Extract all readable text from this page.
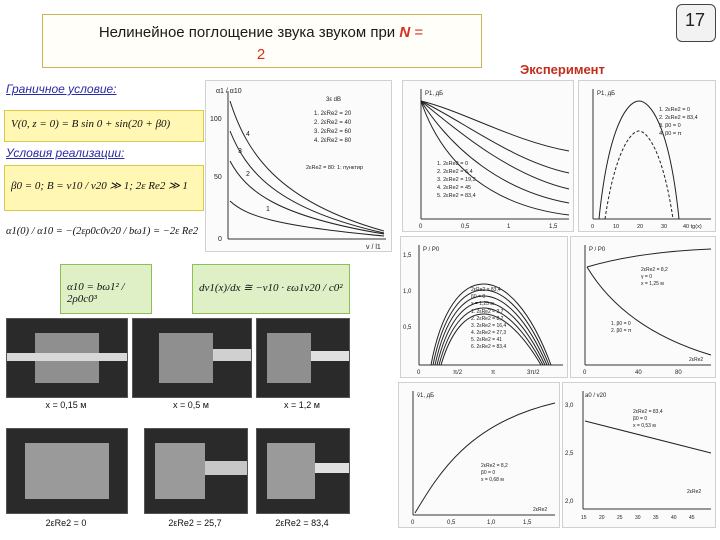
Нелинейное поглощение звука звуком при N =
2
17
Эксперимент
Граничное условие:
V(0, z = 0) = B sin 0 + sin(20 + β0)
Условия реализации:
β0 = 0; B = v10 / v20 ≫ 1; 2ε Re2 ≫ 1
α1(0) / α10 = −(2ερ0c0v20 / bω1) = −2ε Re2
α10 = bω1² / 2ρ0c0³
dv1(x)/dx ≅ −v10 · εω1v20 / c0²
α1 / α10
v / l1
100
50
0
4
3
2
1
3ε dB
1. 2εRe2 = 20
2. 2εRe2 = 40
3. 2εRe2 = 60
4. 2εRe2 = 80
2εRe2 = 80: 1: пунктир
x = 0,15 м	x = 0,5 м	x = 1,2 м
2εRe2 = 0	2εRe2 = 25,7	2εRe2 = 83,4
P1, дБ
1. 2εRe2 = 0
2. 2εRe2 = 6,4
3. 2εRe2 = 19,3
4. 2εRe2 = 45
5. 2εRe2 = 83,4
0	0,5	1	1,5
P1, дБ
1. 2εRe2 = 0
2. 2εRe2 = 83,4
3. β0 = 0
4. β0 = π
0	10	20	30	40 tg(x)
P / P0
1,5
1,0
0,5
2εRe2 = 83,4
β0 = 0
x = 1,25 м
1. 2εRe2 = 2,7
2. 2εRe2 = 8,2
3. 2εRe2 = 16,4
4. 2εRe2 = 27,3
5. 2εRe2 = 41
6. 2εRe2 = 83,4
0	π/2	π	3π/2
P / P0
2εRe2 = 8,2
γ = 0
x = 1,25 м
1. β0 = 0
2. β0 = π
0	40	80
2εRe2
v̄1, дБ
2εRe2 = 8,2
β0 = 0
x = 0,68 м
0	0,5	1,0	1,5
2εRe2
a0 / v20
3,0
2,5
2,0
2εRe2 = 83,4
β0 = 0
x = 0,53 м
15 20 25 30 35 40 45
2εRe2
